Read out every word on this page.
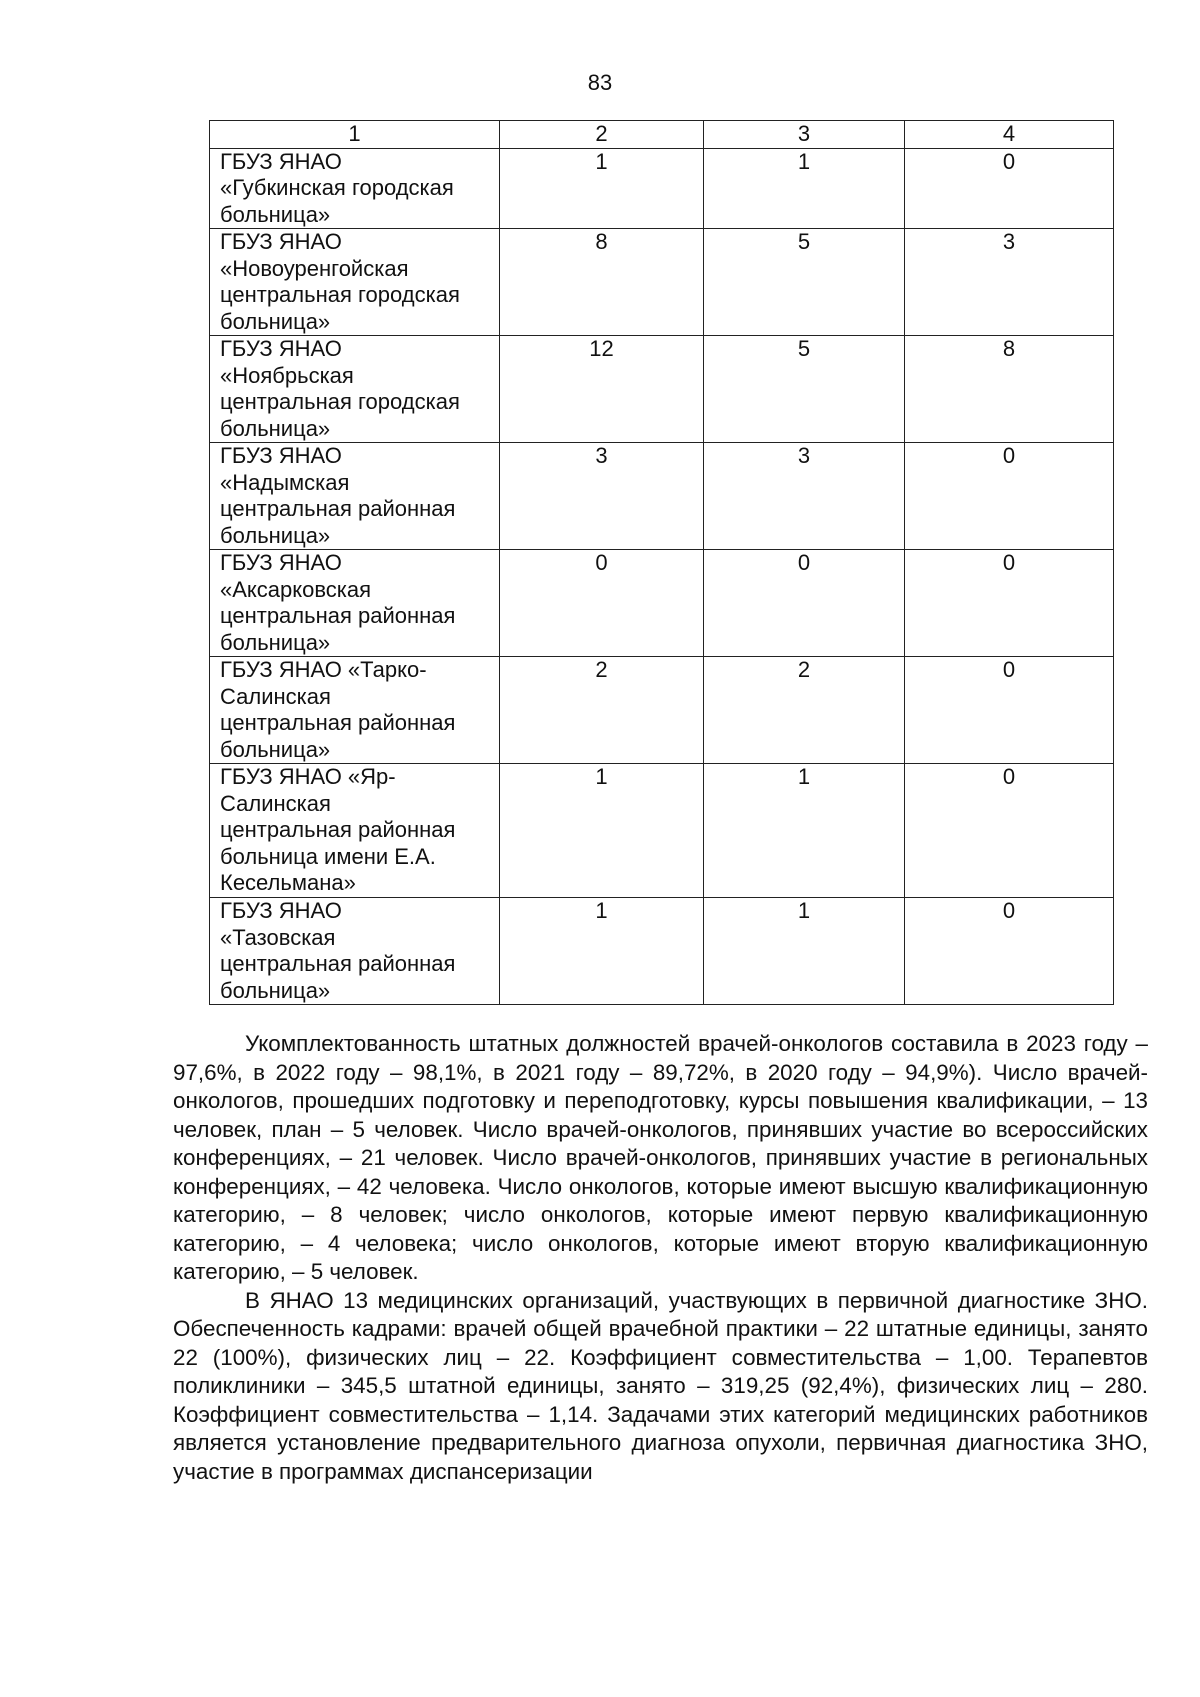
83
1	2	3	4
ГБУЗ ЯНАО
«Губкинская городская
больница»	1	1	0
ГБУЗ ЯНАО
«Новоуренгойская
центральная городская
больница»	8	5	3
ГБУЗ ЯНАО
«Ноябрьская
центральная городская
больница»	12	5	8
ГБУЗ ЯНАО
«Надымская
центральная районная
больница»	3	3	0
ГБУЗ ЯНАО
«Аксарковская
центральная районная
больница»	0	0	0
ГБУЗ ЯНАО «Тарко-
Салинская
центральная районная
больница»	2	2	0
ГБУЗ ЯНАО «Яр-
Салинская
центральная районная
больница имени Е.А.
Кесельмана»	1	1	0
ГБУЗ ЯНАО
«Тазовская
центральная районная
больница»	1	1	0

Укомплектованность штатных должностей врачей-онкологов составила в 2023 году – 97,6%, в 2022 году – 98,1%, в 2021 году – 89,72%, в 2020 году – 94,9%). Число врачей-онкологов, прошедших подготовку и переподготовку, курсы повышения квалификации, – 13 человек, план – 5 человек. Число врачей-онкологов, принявших участие во всероссийских конференциях, – 21 человек. Число врачей-онкологов, принявших участие в региональных конференциях, – 42 человека. Число онкологов, которые имеют высшую квалификационную категорию, – 8 человек; число онкологов, которые имеют первую квалификационную категорию, – 4 человека; число онкологов, которые имеют вторую квалификационную категорию, – 5 человек.

В ЯНАО 13 медицинских организаций, участвующих в первичной диагностике ЗНО. Обеспеченность кадрами: врачей общей врачебной практики – 22 штатные единицы, занято 22 (100%), физических лиц – 22. Коэффициент совместительства – 1,00. Терапевтов поликлиники – 345,5 штатной единицы, занято – 319,25 (92,4%), физических лиц – 280. Коэффициент совместительства – 1,14. Задачами этих категорий медицинских работников является установление предварительного диагноза опухоли, первичная диагностика ЗНО, участие в программах диспансеризации
